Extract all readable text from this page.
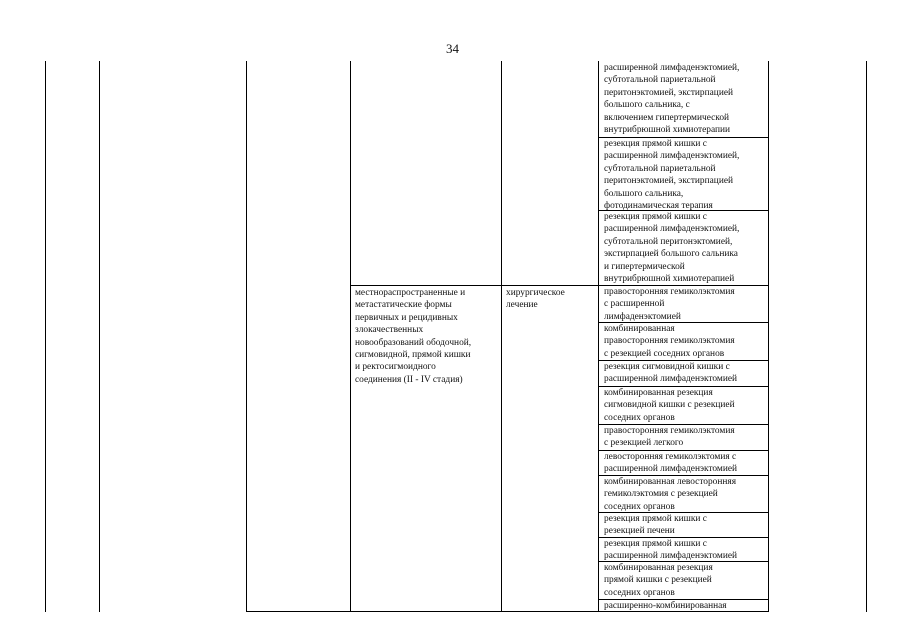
34
местнораспространенные и
метастатические формы
первичных и рецидивных
злокачественных
новообразований ободочной,
сигмовидной, прямой кишки
и ректосигмоидного
соединения (II - IV стадия)
хирургическое
лечение
расширенной лимфаденэктомией,
субтотальной париетальной
перитонэктомией, экстирпацией
большого сальника, с
включением гипертермической
внутрибрюшной химиотерапии
резекция прямой кишки с
расширенной лимфаденэктомией,
субтотальной париетальной
перитонэктомией, экстирпацией
большого сальника,
фотодинамическая терапия
резекция прямой кишки с
расширенной лимфаденэктомией,
субтотальной перитонэктомией,
экстирпацией большого сальника
и гипертермической
внутрибрюшной химиотерапией
правосторонняя гемиколэктомия
с расширенной
лимфаденэктомией
комбинированная
правосторонняя гемиколэктомия
с резекцией соседних органов
резекция сигмовидной кишки с
расширенной лимфаденэктомией
комбинированная резекция
сигмовидной кишки с резекцией
соседних органов
правосторонняя гемиколэктомия
с резекцией легкого
левосторонняя гемиколэктомия с
расширенной лимфаденэктомией
комбинированная левосторонняя
гемиколэктомия с резекцией
соседних органов
резекция прямой кишки с
резекцией печени
резекция прямой кишки с
расширенной лимфаденэктомией
комбинированная резекция
прямой кишки с резекцией
соседних органов
расширенно-комбинированная
